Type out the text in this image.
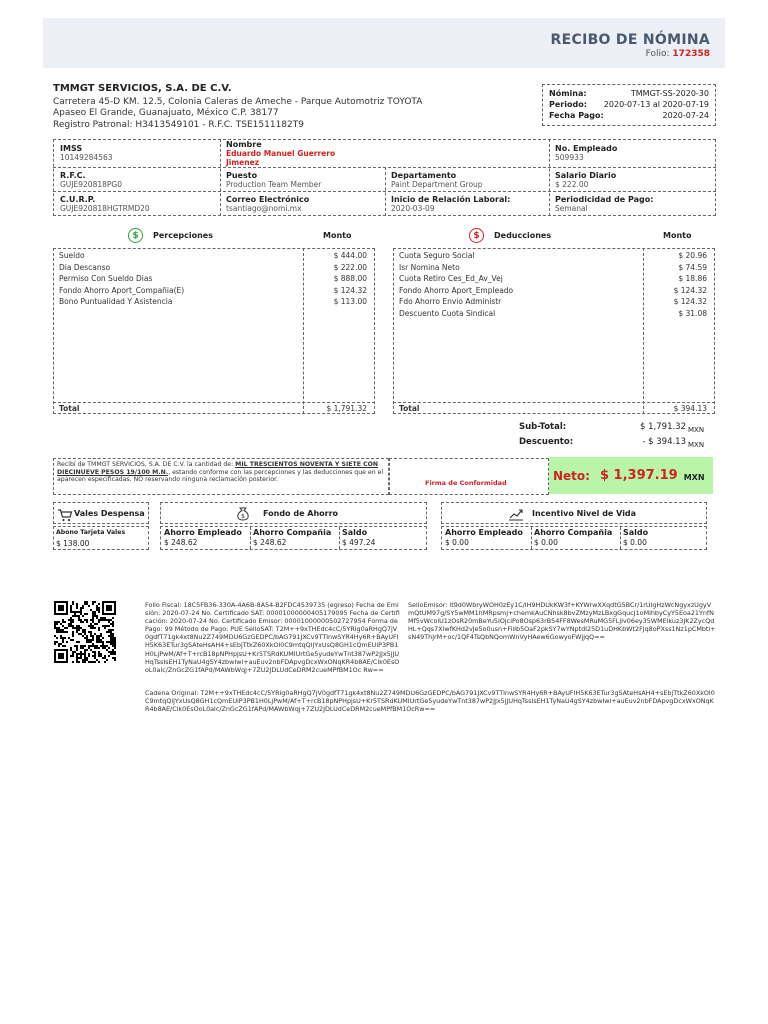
RECIBO DE NÓMINA
Folio: 172358
TMMGT SERVICIOS, S.A. DE C.V.
Carretera 45-D KM. 12.5, Colonia Caleras de Ameche - Parque Automotriz TOYOTA
Apaseo El Grande, Guanajuato, México C.P. 38177
Registro Patronal: H3413549101 - R.F.C. TSE1511182T9
Nómina:	TMMGT-SS-2020-30
Periodo: 2020-07-13 al 2020-07-19
Fecha Pago:	2020-07-24
IMSS
10149284563
Nombre
Eduardo Manuel Guerrero
Jimenez
No. Empleado
509933
R.F.C.
GUJE920818PG0
Puesto
Production Team Member
Departamento
Paint Department Group
Salario Diario
$ 222.00
C.U.R.P.
GUJE920818HGTRMD20
Correo Electrónico
tsantiago@nomi.mx
Inicio de Relación Laboral:
2020-03-09
Periodicidad de Pago:
Semanal
$	Percepciones	Monto	$	Deducciones	Monto
Sueldo	$ 444.00
Dia Descanso	$ 222.00
Permiso Con Sueldo Dias	$ 888.00
Fondo Ahorro Aport_Compañia(E)	$ 124.32
Bono Puntualidad Y Asistencia	$ 113.00
Total	$ 1,791.32
Cuota Seguro Social	$ 20.96
Isr Nomina Neto	$ 74.59
Cuota Retiro Ces_Ed_Av_Vej	$ 18.86
Fondo Ahorro Aport_Empleado	$ 124.32
Fdo Ahorro Envio Administr	$ 124.32
Descuento Cuota Sindical	$ 31.08
Total	$ 394.13
Sub-Total:	$ 1,791.32 MXN
Descuento:	- $ 394.13 MXN
Recibí de TMMGT SERVICIOS, S.A. DE C.V. la cantidad de: MIL TRESCIENTOS NOVENTA Y SIETE CON DIECINUEVE PESOS 19/100 M.N., estando conforme con las percepciones y las deducciones que en el aparecen especificadas. NO reservando ninguna reclamación posterior.	Firma de Conformidad
Neto: $ 1,397.19 MXN
Vales Despensa
Abono Tarjeta Vales
$ 138.00
$ Fondo de Ahorro
Ahorro Empleado
$ 248.62
Ahorro Compañia
$ 248.62
Saldo
$ 497.24
Incentivo Nivel de Vida
Ahorro Empleado
$ 0.00
Ahorro Compañia
$ 0.00
Saldo
$ 0.00
Folio Fiscal: 18C5FB36-330A-4A6B-8A54-B2FDC4539735 (egreso) Fecha de Emisión: 2020-07-24 No. Certificado SAT: 00001000000405179095 Fecha de Certificación: 2020-07-24 No. Certificado Emisor: 00001000000502727954 Forma de Pago: 99 Método de Pago: PUE SelloSAT: T2M++9xTHEdc4cC/5YRig0aRHgQ7jV0gdfT71gk4xt8Nu2Z749MDU6GzGEDPC/bAG791JXCv9TTlnwSYR4Hy6R+BAyUFIH5K63ETur3gSAteHsAH4+sEbjTtkZ60XkOl0C9mtqQljYxUsQ8GH1cQmEUiP3PB1H0LjPwM/Af+T+rcB18pNPHpjsU+Kr5TSRdKUMIUrtGe5yudeYwTnt387wP2JJx5jJUHqTssIsEH1TyNaU4gSY4zbwIwl+auEuv2nbFDApvgDcxWxONqKR4b8AE/Clk0EsOoL0alc/ZnGcZG1fAPd/MAWbWqj+7ZU2JDLUdCeDRM2cueMPfBM1Oc Rw==
SelloEmisor: it9d0WbryWOH0zEy1C/IH9HDUkKW3f+KYWrwXXqdtG5BCr/1rUlgHzWcNgyxzUgyVmQtUM97g/SY5wMM1hMRpsmj+chemkAuCNhsk8bvZMzyMzLBxgGqucJ1oMihbyCyY5Eoa21YnfNMf5vWcolU1zOsR20mBeYu5IOjciPo8Osp63rB54FF8WesMRuMG5FLjIv06ey35WMElkuz3JK2ZycQdHL+Qqs7XlwfKHd2vJe5o0usn+FiiIb5OaF2pkSY7wYNptdI25D1uDHKbWt2FJq8oPXss1Nz1pCMbti+sN49ThjrM+oc/1QF4TsQbNQomWnVyHAew6GowyoFWjjqQ==
Cadena Original: T2M++9xTHEdc4cC/5YRig0aRHgQ7jV0gdfT71gk4xt8Nu2Z749MDU6GzGEDPC/bAG791JXCv9TTlnwSYR4Hy6R+BAyUFIH5K63ETur3gSAteHsAH4+sEbjTtkZ60XkOl0C9mtqQljYxUsQ8GH1cQmEUiP3PB1H0LjPwM/Af+T+rcB18pNPHpjsU+Kr5TSRdKUMIUrtGe5yudeYwTnt387wP2JJx5jJUHqTssIsEH1TyNaU4gSY4zbwIwl+auEuv2nbFDApvgDcxWxONqKR4b8AE/Clk0EsOoL0alc/ZnGcZG1fAPd/MAWbWqj+7ZU2JDLUdCeDRM2cueMPfBM1OcRw==
